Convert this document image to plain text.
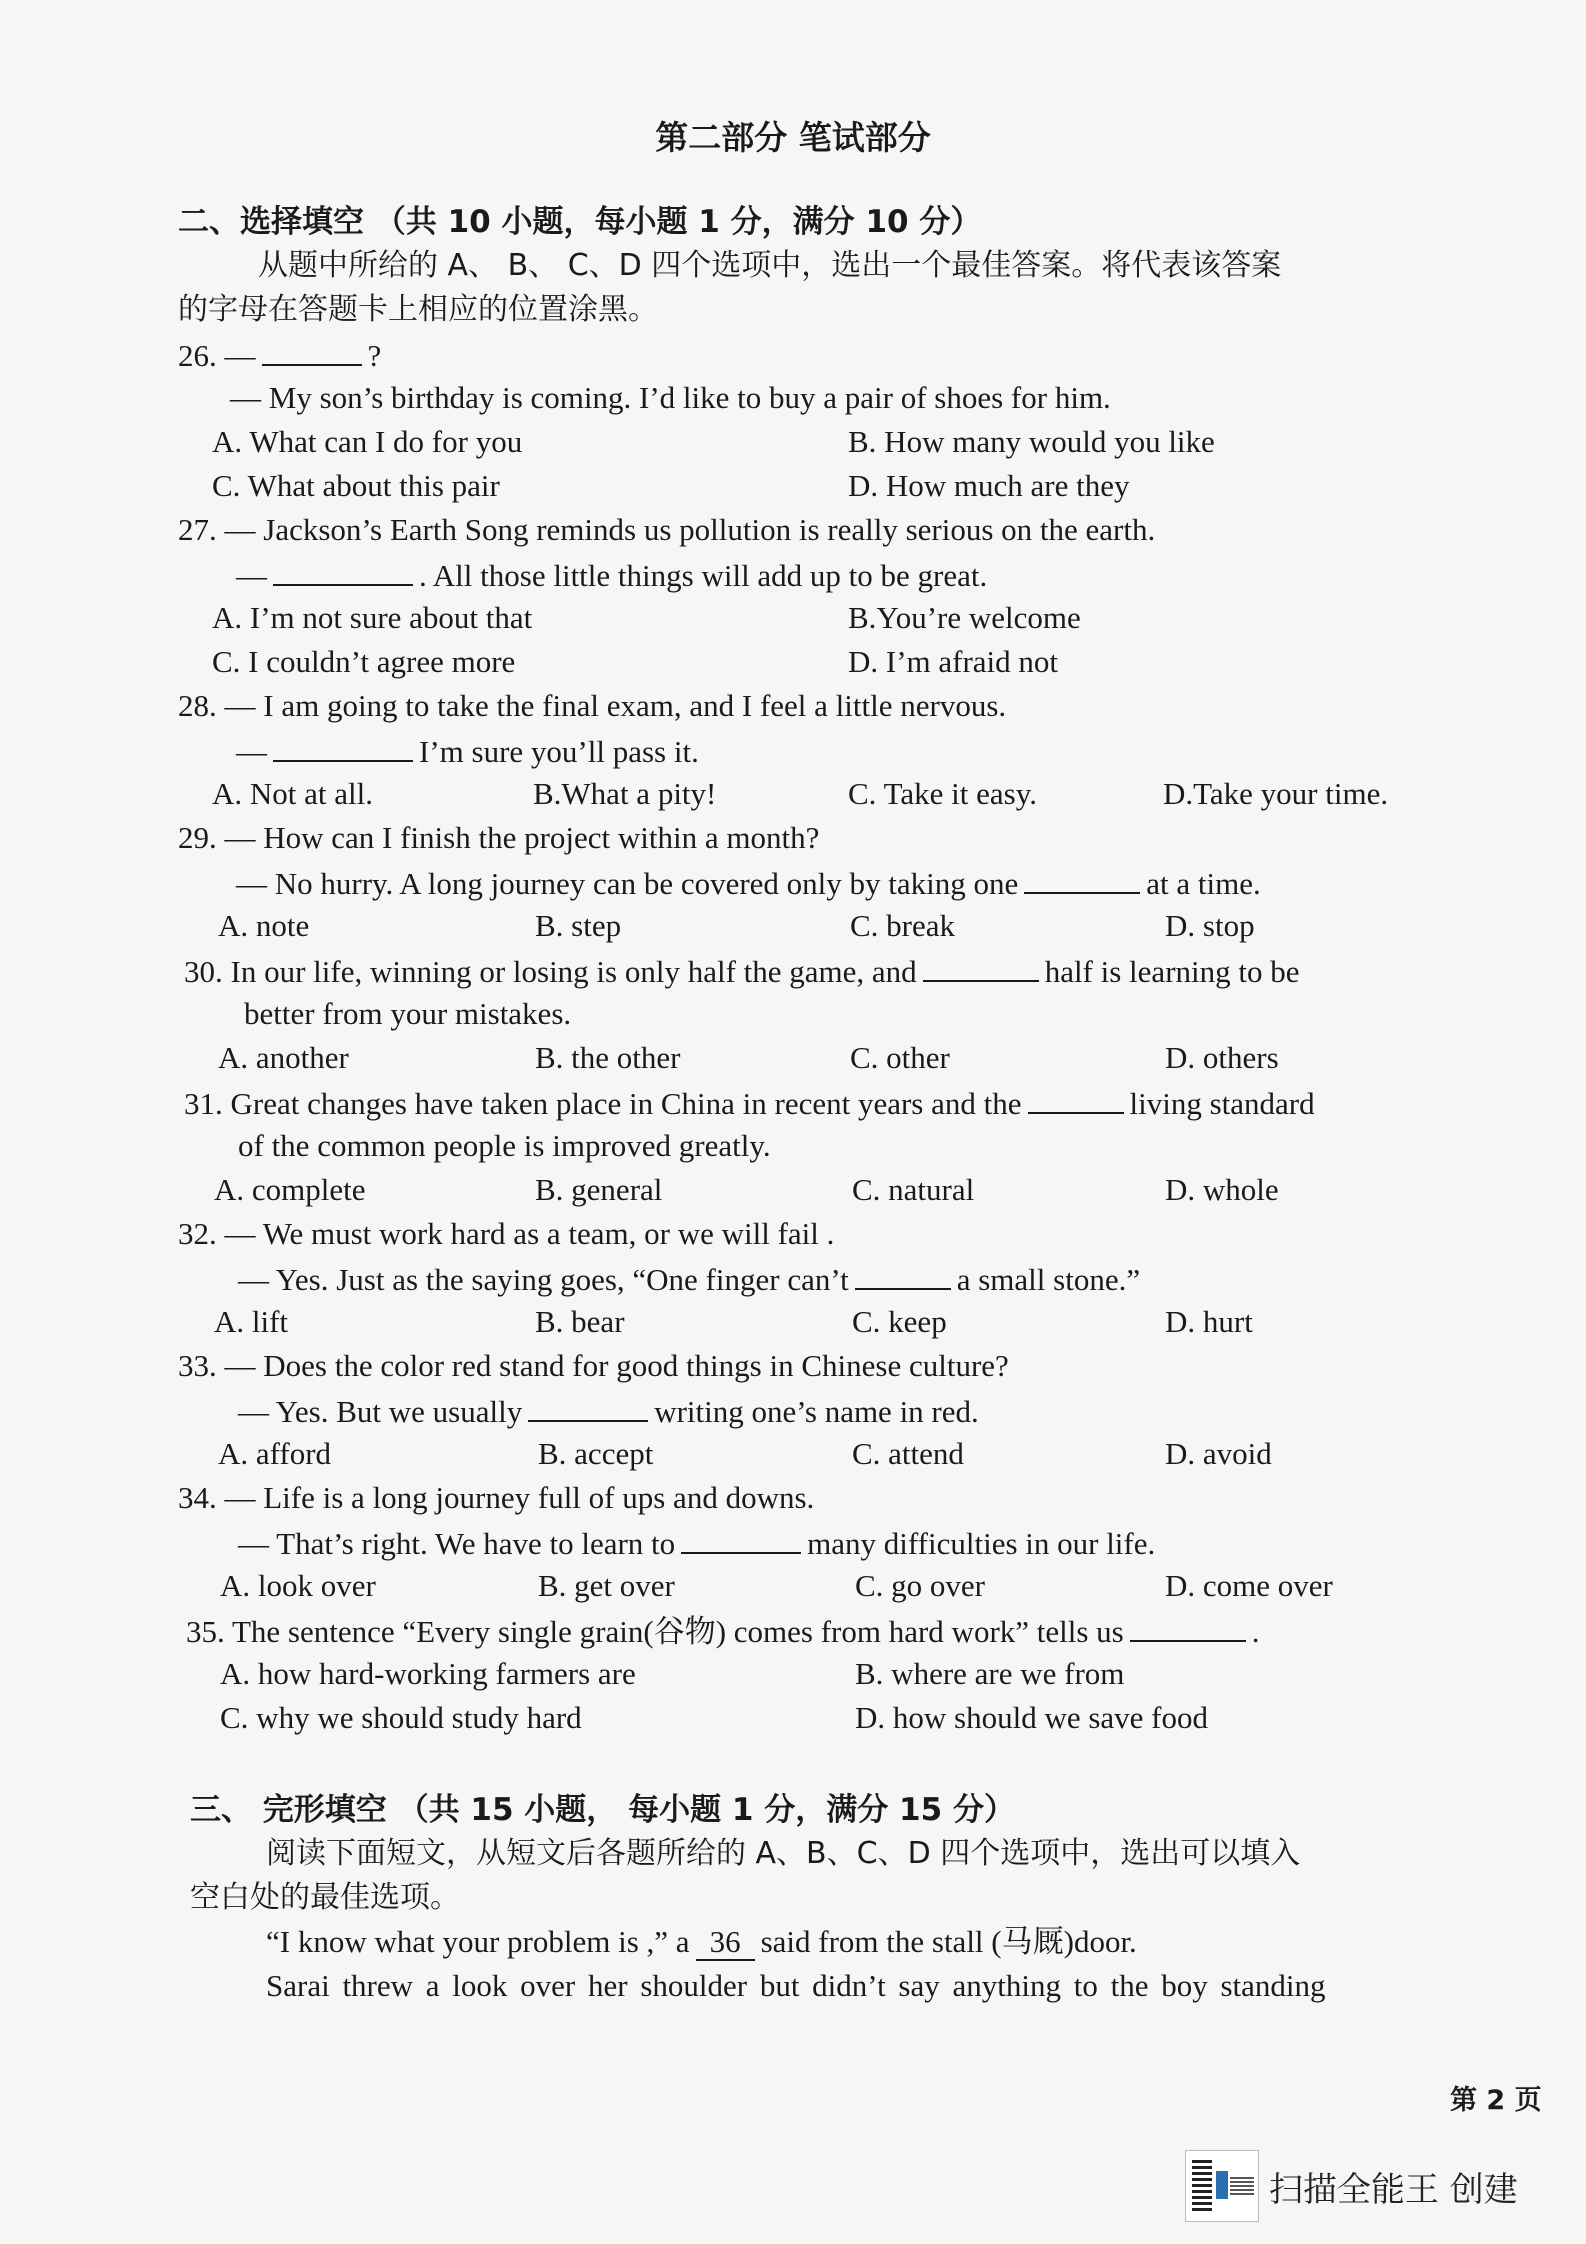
第二部分 笔试部分
二、选择填空 （共 10 小题，每小题 1 分，满分 10 分）
从题中所给的 A、 B、 C、D 四个选项中，选出一个最佳答案。将代表该答案
的字母在答题卡上相应的位置涂黑。
26. —	?
— My son’s birthday is coming. I’d like to buy a pair of shoes for him.
A. What can I do for you	B. How many would you like
C. What about this pair	D. How much are they
27. — Jackson’s Earth Song reminds us pollution is really serious on the earth.
—	. All those little things will add up to be great.
A. I’m not sure about that	B.You’re welcome
C. I couldn’t agree more	D. I’m afraid not
28. — I am going to take the final exam, and I feel a little nervous.
—	I’m sure you’ll pass it.
A. Not at all.	B.What a pity!	C. Take it easy.	D.Take your time.
29. — How can I finish the project within a month?
— No hurry. A long journey can be covered only by taking one	at a time.
A. note	B. step	C. break	D. stop
30. In our life, winning or losing is only half the game, and	half is learning to be
better from your mistakes.
A. another	B. the other	C. other	D. others
31. Great changes have taken place in China in recent years and the	living standard
of the common people is improved greatly.
A. complete	B. general	C. natural	D. whole
32. — We must work hard as a team, or we will fail .
— Yes. Just as the saying goes, “One finger can’t	a small stone.”
A. lift	B. bear	C. keep	D. hurt
33. — Does the color red stand for good things in Chinese culture?
— Yes. But we usually	writing one’s name in red.
A. afford	B. accept	C. attend	D. avoid
34. — Life is a long journey full of ups and downs.
— That’s right. We have to learn to	many difficulties in our life.
A. look over	B. get over	C. go over	D. come over
35. The sentence “Every single grain(谷物) comes from hard work” tells us	.
A. how hard-working farmers are	B. where are we from
C. why we should study hard	D. how should we save food
三、 完形填空 （共 15 小题， 每小题 1 分，满分 15 分）
阅读下面短文，从短文后各题所给的 A、B、C、D 四个选项中，选出可以填入
空白处的最佳选项。
“I know what your problem is ,” a 36 said from the stall (马厩)door.
Sarai threw a look over her shoulder but didn’t say anything to the boy standing
第 2 页
扫描全能王 创建
